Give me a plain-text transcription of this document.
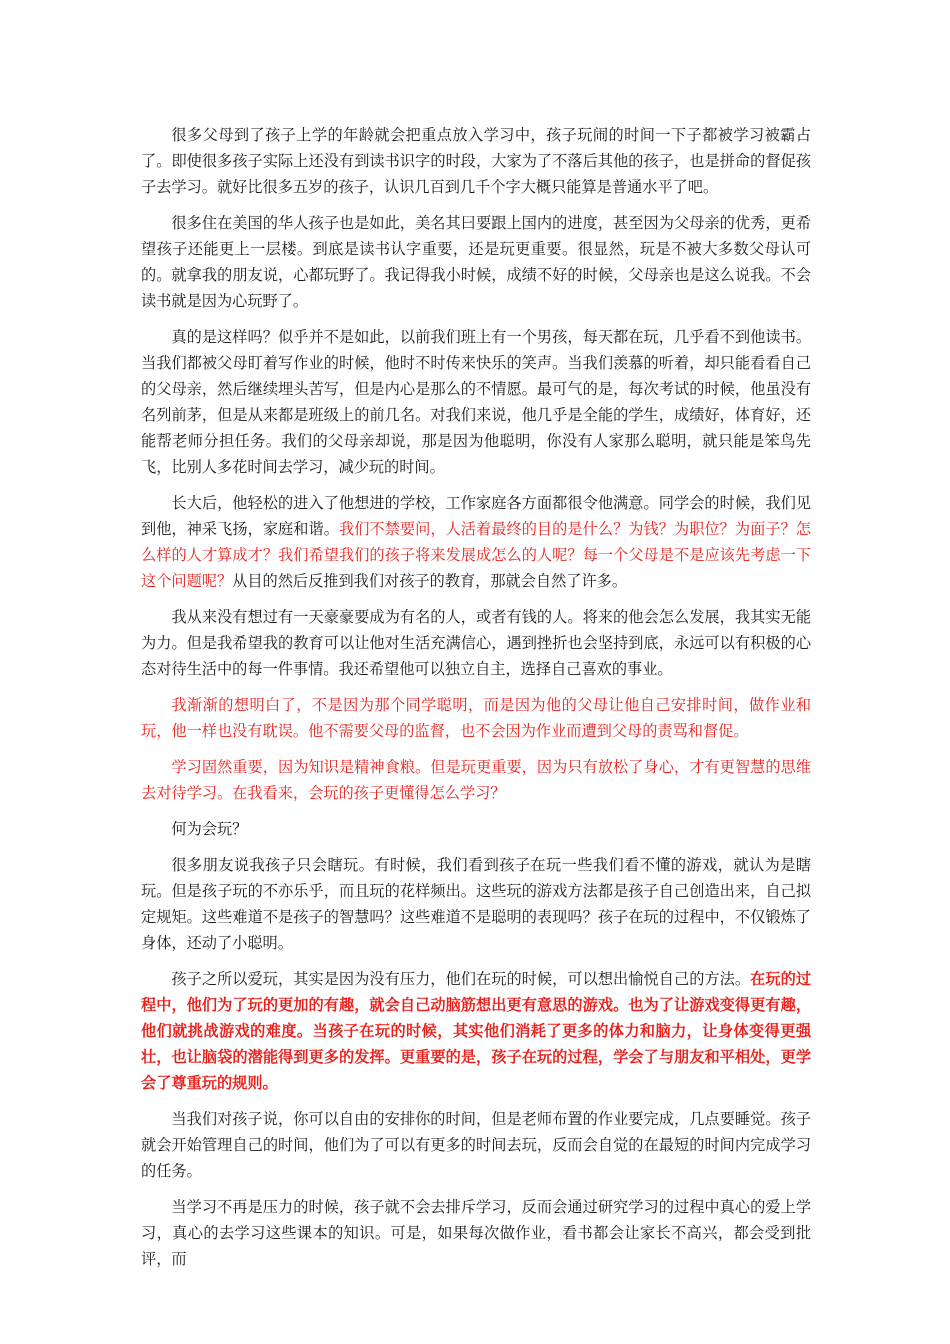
很多父母到了孩子上学的年龄就会把重点放入学习中，孩子玩闹的时间一下子都被学习被霸占了。即使很多孩子实际上还没有到读书识字的时段，大家为了不落后其他的孩子，也是拼命的督促孩子去学习。就好比很多五岁的孩子，认识几百到几千个字大概只能算是普通水平了吧。

很多住在美国的华人孩子也是如此，美名其曰要跟上国内的进度，甚至因为父母亲的优秀，更希望孩子还能更上一层楼。到底是读书认字重要，还是玩更重要。很显然，玩是不被大多数父母认可的。就拿我的朋友说，心都玩野了。我记得我小时候，成绩不好的时候，父母亲也是这么说我。不会读书就是因为心玩野了。

真的是这样吗？似乎并不是如此，以前我们班上有一个男孩，每天都在玩，几乎看不到他读书。当我们都被父母盯着写作业的时候，他时不时传来快乐的笑声。当我们羡慕的听着，却只能看看自己的父母亲，然后继续埋头苦写，但是内心是那么的不情愿。最可气的是，每次考试的时候，他虽没有名列前茅，但是从来都是班级上的前几名。对我们来说，他几乎是全能的学生，成绩好，体育好，还能帮老师分担任务。我们的父母亲却说，那是因为他聪明，你没有人家那么聪明，就只能是笨鸟先飞，比别人多花时间去学习，减少玩的时间。

长大后，他轻松的进入了他想进的学校，工作家庭各方面都很令他满意。同学会的时候，我们见到他，神采飞扬，家庭和谐。我们不禁要问，人活着最终的目的是什么？为钱？为职位？为面子？怎么样的人才算成才？我们希望我们的孩子将来发展成怎么的人呢？每一个父母是不是应该先考虑一下这个问题呢？从目的然后反推到我们对孩子的教育，那就会自然了许多。

我从来没有想过有一天豪豪要成为有名的人，或者有钱的人。将来的他会怎么发展，我其实无能为力。但是我希望我的教育可以让他对生活充满信心，遇到挫折也会坚持到底，永远可以有积极的心态对待生活中的每一件事情。我还希望他可以独立自主，选择自己喜欢的事业。

我渐渐的想明白了，不是因为那个同学聪明，而是因为他的父母让他自己安排时间，做作业和玩，他一样也没有耽误。他不需要父母的监督，也不会因为作业而遭到父母的责骂和督促。

学习固然重要，因为知识是精神食粮。但是玩更重要，因为只有放松了身心，才有更智慧的思维去对待学习。在我看来，会玩的孩子更懂得怎么学习？

何为会玩？

很多朋友说我孩子只会瞎玩。有时候，我们看到孩子在玩一些我们看不懂的游戏，就认为是瞎玩。但是孩子玩的不亦乐乎，而且玩的花样频出。这些玩的游戏方法都是孩子自己创造出来，自己拟定规矩。这些难道不是孩子的智慧吗？这些难道不是聪明的表现吗？孩子在玩的过程中，不仅锻炼了身体，还动了小聪明。

孩子之所以爱玩，其实是因为没有压力，他们在玩的时候，可以想出愉悦自己的方法。在玩的过程中，他们为了玩的更加的有趣，就会自己动脑筋想出更有意思的游戏。也为了让游戏变得更有趣，他们就挑战游戏的难度。当孩子在玩的时候，其实他们消耗了更多的体力和脑力，让身体变得更强壮，也让脑袋的潜能得到更多的发挥。更重要的是，孩子在玩的过程，学会了与朋友和平相处，更学会了尊重玩的规则。

当我们对孩子说，你可以自由的安排你的时间，但是老师布置的作业要完成，几点要睡觉。孩子就会开始管理自己的时间，他们为了可以有更多的时间去玩，反而会自觉的在最短的时间内完成学习的任务。

当学习不再是压力的时候，孩子就不会去排斥学习，反而会通过研究学习的过程中真心的爱上学习，真心的去学习这些课本的知识。可是，如果每次做作业，看书都会让家长不高兴，都会受到批评，而
